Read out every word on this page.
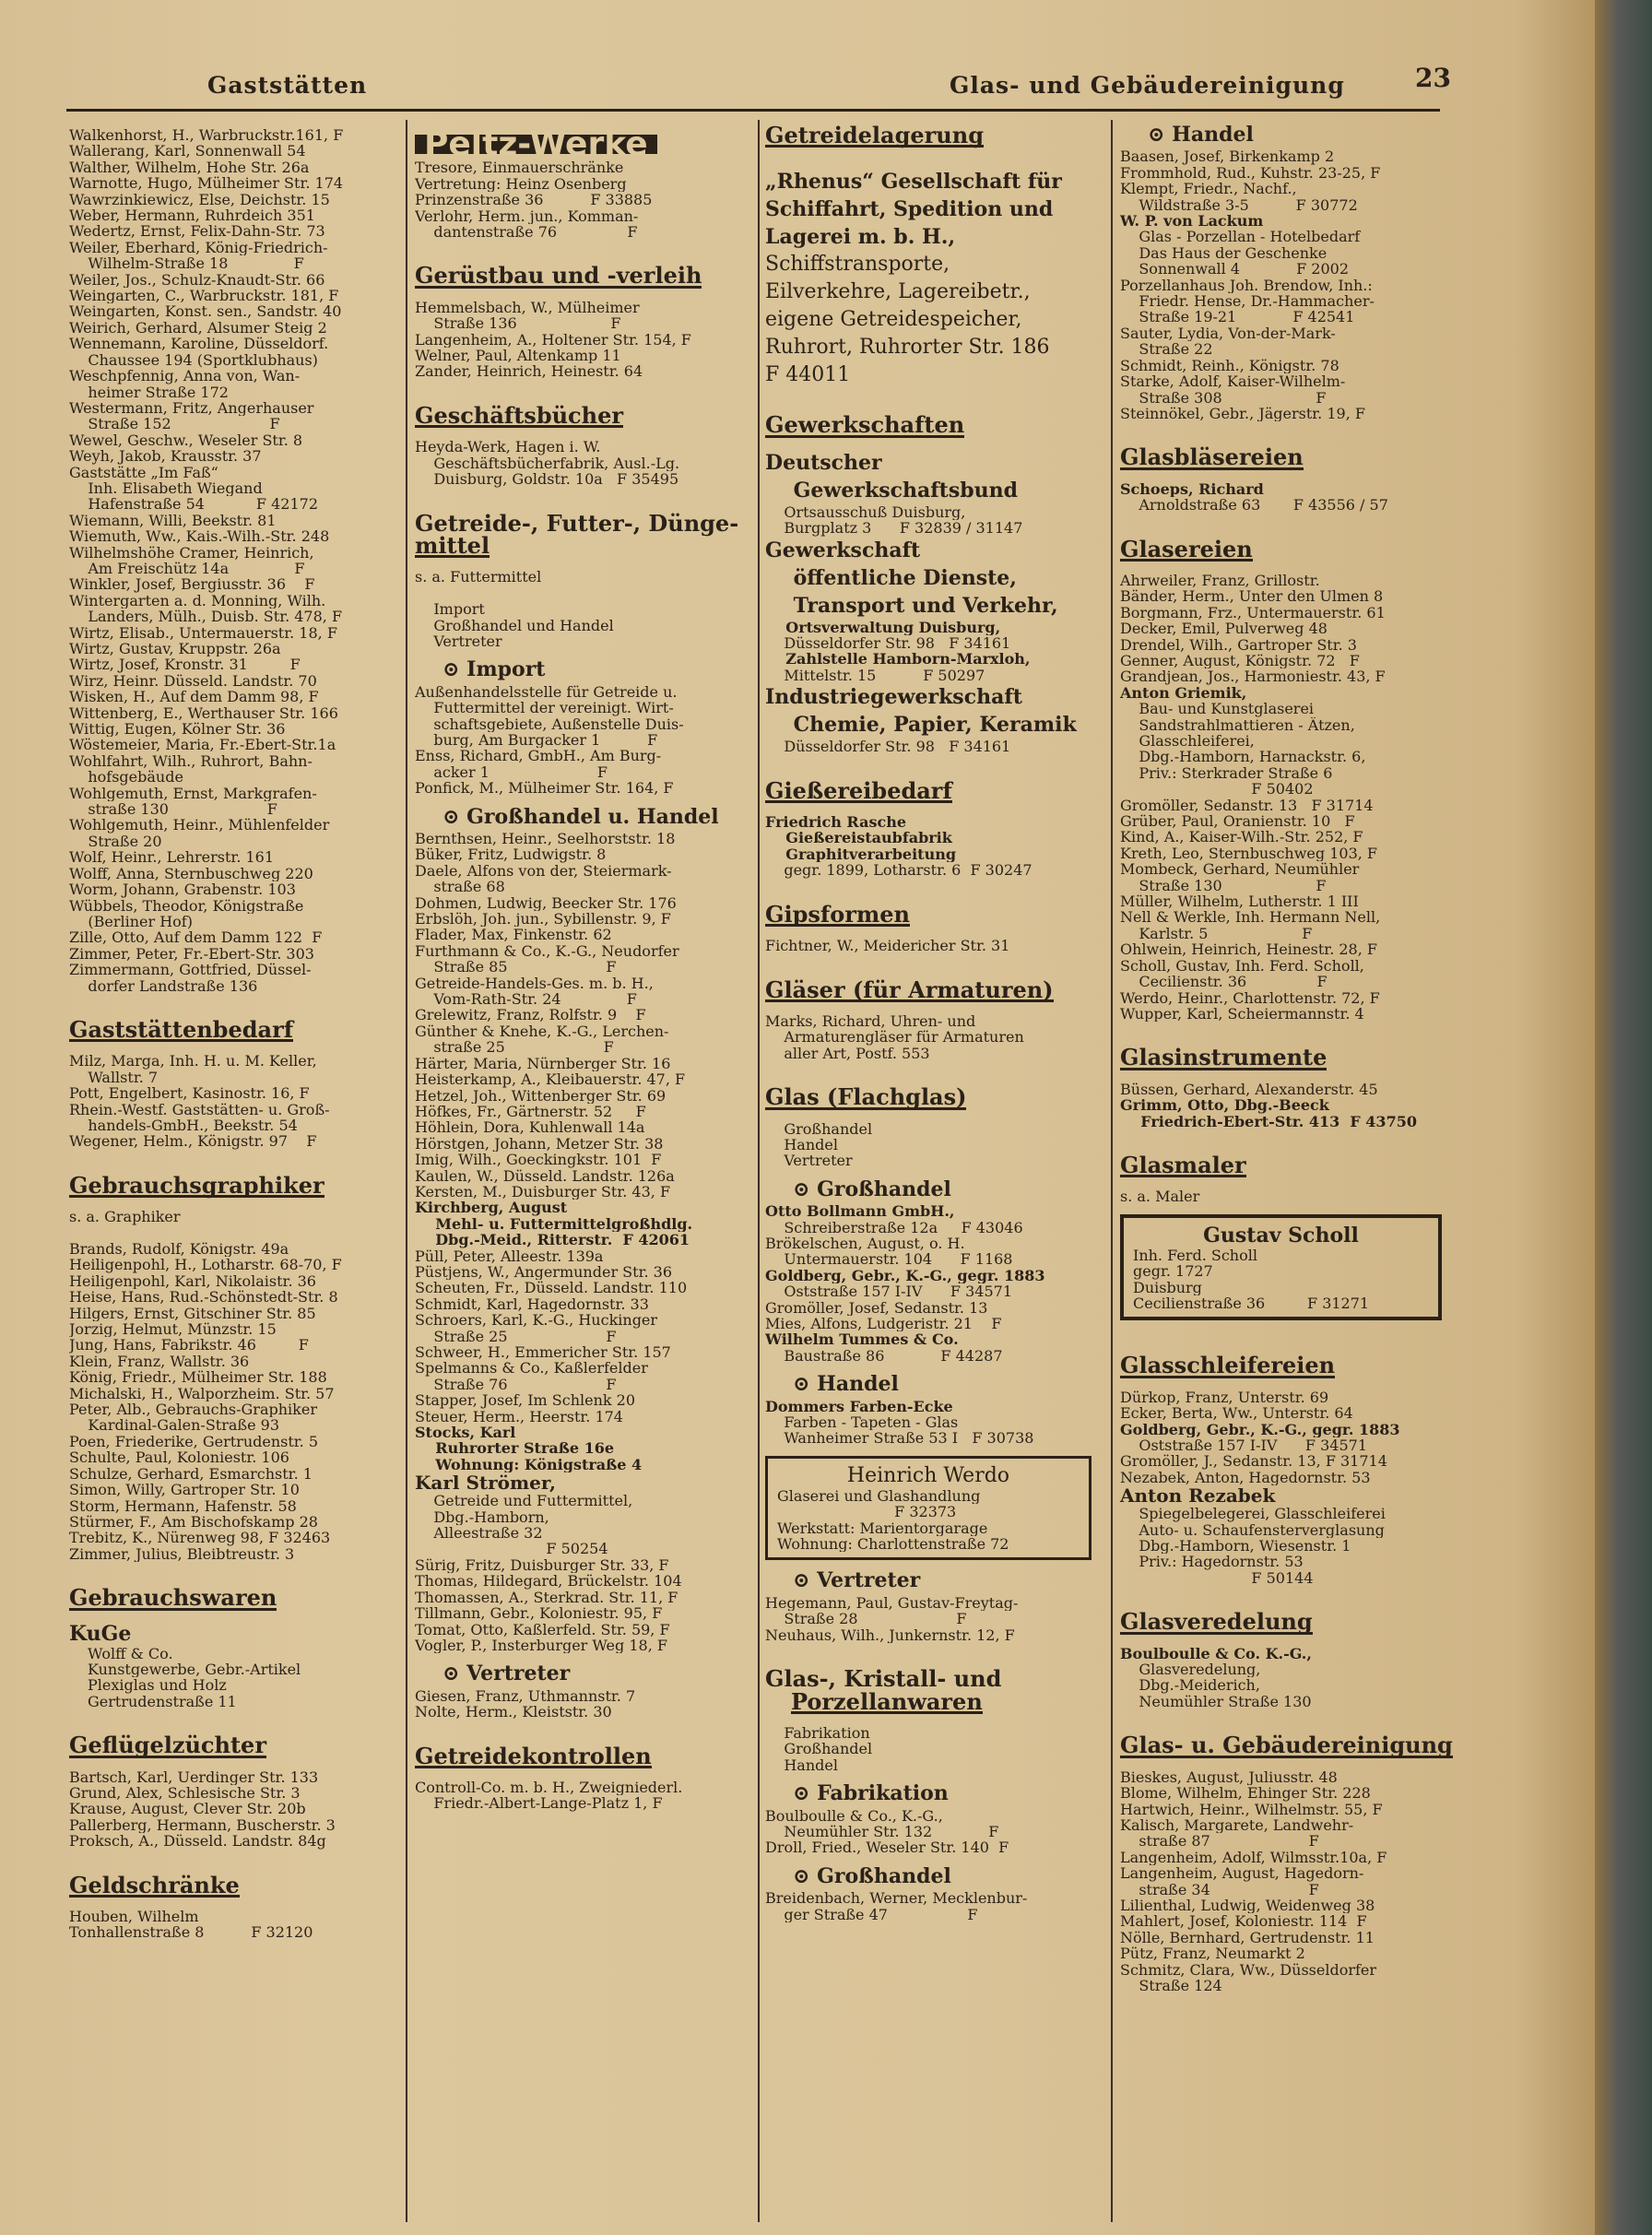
Gaststätten	Glas- und Gebäudereinigung	23
Walkenhorst, H., Warbruckstr.161, F
Wallerang, Karl, Sonnenwall 54
Walther, Wilhelm, Hohe Str. 26a
Warnotte, Hugo, Mülheimer Str. 174
Wawrzinkiewicz, Else, Deichstr. 15
Weber, Hermann, Ruhrdeich 351
Wedertz, Ernst, Felix-Dahn-Str. 73
Weiler, Eberhard, König-Friedrich-
Wilhelm-Straße 18              F
Weiler, Jos., Schulz-Knaudt-Str. 66
Weingarten, C., Warbruckstr. 181, F
Weingarten, Konst. sen., Sandstr. 40
Weirich, Gerhard, Alsumer Steig 2
Wennemann, Karoline, Düsseldorf.
Chaussee 194 (Sportklubhaus)
Weschpfennig, Anna von, Wan-
heimer Straße 172
Westermann, Fritz, Angerhauser
Straße 152                     F
Wewel, Geschw., Weseler Str. 8
Weyh, Jakob, Krausstr. 37
Gaststätte „Im Faß“
Inh. Elisabeth Wiegand
Hafenstraße 54           F 42172
Wiemann, Willi, Beekstr. 81
Wiemuth, Ww., Kais.-Wilh.-Str. 248
Wilhelmshöhe Cramer, Heinrich,
Am Freischütz 14a              F
Winkler, Josef, Bergiusstr. 36    F
Wintergarten a. d. Monning, Wilh.
Landers, Mülh., Duisb. Str. 478, F
Wirtz, Elisab., Untermauerstr. 18, F
Wirtz, Gustav, Kruppstr. 26a
Wirtz, Josef, Kronstr. 31         F
Wirz, Heinr. Düsseld. Landstr. 70
Wisken, H., Auf dem Damm 98, F
Wittenberg, E., Werthauser Str. 166
Wittig, Eugen, Kölner Str. 36
Wöstemeier, Maria, Fr.-Ebert-Str.1a
Wohlfahrt, Wilh., Ruhrort, Bahn-
hofsgebäude
Wohlgemuth, Ernst, Markgrafen-
straße 130                     F
Wohlgemuth, Heinr., Mühlenfelder
Straße 20
Wolf, Heinr., Lehrerstr. 161
Wolff, Anna, Sternbuschweg 220
Worm, Johann, Grabenstr. 103
Wübbels, Theodor, Königstraße
(Berliner Hof)
Zille, Otto, Auf dem Damm 122  F
Zimmer, Peter, Fr.-Ebert-Str. 303
Zimmermann, Gottfried, Düssel-
dorfer Landstraße 136
Gaststättenbedarf
Milz, Marga, Inh. H. u. M. Keller,
Wallstr. 7
Pott, Engelbert, Kasinostr. 16, F
Rhein.-Westf. Gaststätten- u. Groß-
handels-GmbH., Beekstr. 54
Wegener, Helm., Königstr. 97    F
Gebrauchsgraphiker
s. a. Graphiker

Brands, Rudolf, Königstr. 49a
Heiligenpohl, H., Lotharstr. 68-70, F
Heiligenpohl, Karl, Nikolaistr. 36
Heise, Hans, Rud.-Schönstedt-Str. 8
Hilgers, Ernst, Gitschiner Str. 85
Jorzig, Helmut, Münzstr. 15
Jung, Hans, Fabrikstr. 46         F
Klein, Franz, Wallstr. 36
König, Friedr., Mülheimer Str. 188
Michalski, H., Walporzheim. Str. 57
Peter, Alb., Gebrauchs-Graphiker
Kardinal-Galen-Straße 93
Poen, Friederike, Gertrudenstr. 5
Schulte, Paul, Koloniestr. 106
Schulze, Gerhard, Esmarchstr. 1
Simon, Willy, Gartroper Str. 10
Storm, Hermann, Hafenstr. 58
Stürmer, F., Am Bischofskamp 28
Trebitz, K., Nürenweg 98, F 32463
Zimmer, Julius, Bleibtreustr. 3
Gebrauchswaren
KuGe
Wolff & Co.
Kunstgewerbe, Gebr.-Artikel
Plexiglas und Holz
Gertrudenstraße 11
Geflügelzüchter
Bartsch, Karl, Uerdinger Str. 133
Grund, Alex, Schlesische Str. 3
Krause, August, Clever Str. 20b
Pallerberg, Hermann, Buscherstr. 3
Proksch, A., Düsseld. Landstr. 84g
Geldschränke
Houben, Wilhelm
Tonhallenstraße 8          F 32120
Peltz-Werke
Tresore, Einmauerschränke
Vertretung: Heinz Osenberg
Prinzenstraße 36          F 33885
Verlohr, Herm. jun., Komman-
dantenstraße 76               F
Gerüstbau und -verleih
Hemmelsbach, W., Mülheimer
Straße 136                    F
Langenheim, A., Holtener Str. 154, F
Welner, Paul, Altenkamp 11
Zander, Heinrich, Heinestr. 64
Geschäftsbücher
Heyda-Werk, Hagen i. W.
Geschäftsbücherfabrik, Ausl.-Lg.
Duisburg, Goldstr. 10a   F 35495
Getreide-, Futter-, Dünge-
mittel
s. a. Futtermittel

Import
Großhandel und Handel
Vertreter
⊙ Import
Außenhandelsstelle für Getreide u.
Futtermittel der vereinigt. Wirt-
schaftsgebiete, Außenstelle Duis-
burg, Am Burgacker 1          F
Enss, Richard, GmbH., Am Burg-
acker 1                       F
Ponfick, M., Mülheimer Str. 164, F
⊙ Großhandel u. Handel
Bernthsen, Heinr., Seelhorststr. 18
Büker, Fritz, Ludwigstr. 8
Daele, Alfons von der, Steiermark-
straße 68
Dohmen, Ludwig, Beecker Str. 176
Erbslöh, Joh. jun., Sybillenstr. 9, F
Flader, Max, Finkenstr. 62
Furthmann & Co., K.-G., Neudorfer
Straße 85                     F
Getreide-Handels-Ges. m. b. H.,
Vom-Rath-Str. 24              F
Grelewitz, Franz, Rolfstr. 9    F
Günther & Knehe, K.-G., Lerchen-
straße 25                     F
Härter, Maria, Nürnberger Str. 16
Heisterkamp, A., Kleibauerstr. 47, F
Hetzel, Joh., Wittenberger Str. 69
Höfkes, Fr., Gärtnerstr. 52     F
Höhlein, Dora, Kuhlenwall 14a
Hörstgen, Johann, Metzer Str. 38
Imig, Wilh., Goeckingkstr. 101  F
Kaulen, W., Düsseld. Landstr. 126a
Kersten, M., Duisburger Str. 43, F
Kirchberg, August
Mehl- u. Futtermittelgroßhdlg.
Dbg.-Meid., Ritterstr.  F 42061
Püll, Peter, Alleestr. 139a
Püstjens, W., Angermunder Str. 36
Scheuten, Fr., Düsseld. Landstr. 110
Schmidt, Karl, Hagedornstr. 33
Schroers, Karl, K.-G., Huckinger
Straße 25                     F
Schweer, H., Emmericher Str. 157
Spelmanns & Co., Kaßlerfelder
Straße 76                     F
Stapper, Josef, Im Schlenk 20
Steuer, Herm., Heerstr. 174
Stocks, Karl
Ruhrorter Straße 16e
Wohnung: Königstraße 4
Karl Strömer,
Getreide und Futtermittel,
Dbg.-Hamborn,
Alleestraße 32
F 50254
Sürig, Fritz, Duisburger Str. 33, F
Thomas, Hildegard, Brückelstr. 104
Thomassen, A., Sterkrad. Str. 11, F
Tillmann, Gebr., Koloniestr. 95, F
Tomat, Otto, Kaßlerfeld. Str. 59, F
Vogler, P., Insterburger Weg 18, F
⊙ Vertreter
Giesen, Franz, Uthmannstr. 7
Nolte, Herm., Kleiststr. 30
Getreidekontrollen
Controll-Co. m. b. H., Zweigniederl.
Friedr.-Albert-Lange-Platz 1, F
Getreidelagerung
„Rhenus“ Gesellschaft für
Schiffahrt, Spedition und
Lagerei m. b. H.,
Schiffstransporte,
Eilverkehre, Lagereibetr.,
eigene Getreidespeicher,
Ruhrort, Ruhrorter Str. 186
F 44011
Gewerkschaften
Deutscher
Gewerkschaftsbund
Ortsausschuß Duisburg,
Burgplatz 3      F 32839 / 31147
Gewerkschaft
öffentliche Dienste,
Transport und Verkehr,
Ortsverwaltung Duisburg,
Düsseldorfer Str. 98   F 34161
Zahlstelle Hamborn-Marxloh,
Mittelstr. 15          F 50297
Industriegewerkschaft
Chemie, Papier, Keramik
Düsseldorfer Str. 98   F 34161
Gießereibedarf
Friedrich Rasche
Gießereistaubfabrik
Graphitverarbeitung
gegr. 1899, Lotharstr. 6  F 30247
Gipsformen
Fichtner, W., Meidericher Str. 31
Gläser (für Armaturen)
Marks, Richard, Uhren- und
Armaturengläser für Armaturen
aller Art, Postf. 553
Glas (Flachglas)
Großhandel
Handel
Vertreter
⊙ Großhandel
Otto Bollmann GmbH.,
Schreiberstraße 12a     F 43046
Brökelschen, August, o. H.
Untermauerstr. 104      F 1168
Goldberg, Gebr., K.-G., gegr. 1883
Oststraße 157 I-IV      F 34571
Gromöller, Josef, Sedanstr. 13
Mies, Alfons, Ludgeristr. 21    F
Wilhelm Tummes & Co.
Baustraße 86            F 44287
⊙ Handel
Dommers Farben-Ecke
Farben - Tapeten - Glas
Wanheimer Straße 53 I   F 30738
Heinrich Werdo
Glaserei und Glashandlung
F 32373
Werkstatt: Marientorgarage
Wohnung: Charlottenstraße 72
⊙ Vertreter
Hegemann, Paul, Gustav-Freytag-
Straße 28                     F
Neuhaus, Wilh., Junkernstr. 12, F
Glas-, Kristall- und
Porzellanwaren
Fabrikation
Großhandel
Handel
⊙ Fabrikation
Boulboulle & Co., K.-G.,
Neumühler Str. 132            F
Droll, Fried., Weseler Str. 140  F
⊙ Großhandel
Breidenbach, Werner, Mecklenbur-
ger Straße 47                 F
⊙ Handel
Baasen, Josef, Birkenkamp 2
Frommhold, Rud., Kuhstr. 23-25, F
Klempt, Friedr., Nachf.,
Wildstraße 3-5          F 30772
W. P. von Lackum
Glas - Porzellan - Hotelbedarf
Das Haus der Geschenke
Sonnenwall 4            F 2002
Porzellanhaus Joh. Brendow, Inh.:
Friedr. Hense, Dr.-Hammacher-
Straße 19-21            F 42541
Sauter, Lydia, Von-der-Mark-
Straße 22
Schmidt, Reinh., Königstr. 78
Starke, Adolf, Kaiser-Wilhelm-
Straße 308                    F
Steinnökel, Gebr., Jägerstr. 19, F
Glasbläsereien
Schoeps, Richard
Arnoldstraße 63       F 43556 / 57
Glasereien
Ahrweiler, Franz, Grillostr.
Bänder, Herm., Unter den Ulmen 8
Borgmann, Frz., Untermauerstr. 61
Decker, Emil, Pulverweg 48
Drendel, Wilh., Gartroper Str. 3
Genner, August, Königstr. 72   F
Grandjean, Jos., Harmoniestr. 43, F
Anton Griemik,
Bau- und Kunstglaserei
Sandstrahlmattieren - Ätzen,
Glasschleiferei,
Dbg.-Hamborn, Harnackstr. 6,
Priv.: Sterkrader Straße 6
F 50402
Gromöller, Sedanstr. 13   F 31714
Grüber, Paul, Oranienstr. 10   F
Kind, A., Kaiser-Wilh.-Str. 252, F
Kreth, Leo, Sternbuschweg 103, F
Mombeck, Gerhard, Neumühler
Straße 130                    F
Müller, Wilhelm, Lutherstr. 1 III
Nell & Werkle, Inh. Hermann Nell,
Karlstr. 5                    F
Ohlwein, Heinrich, Heinestr. 28, F
Scholl, Gustav, Inh. Ferd. Scholl,
Cecilienstr. 36               F
Werdo, Heinr., Charlottenstr. 72, F
Wupper, Karl, Scheiermannstr. 4
Glasinstrumente
Büssen, Gerhard, Alexanderstr. 45
Grimm, Otto, Dbg.-Beeck
Friedrich-Ebert-Str. 413  F 43750
Glasmaler
s. a. Maler
Gustav Scholl
Inh. Ferd. Scholl
gegr. 1727
Duisburg
Cecilienstraße 36         F 31271
Glasschleifereien
Dürkop, Franz, Unterstr. 69
Ecker, Berta, Ww., Unterstr. 64
Goldberg, Gebr., K.-G., gegr. 1883
Oststraße 157 I-IV      F 34571
Gromöller, J., Sedanstr. 13, F 31714
Nezabek, Anton, Hagedornstr. 53
Anton Rezabek
Spiegelbelegerei, Glasschleiferei
Auto- u. Schaufensterverglasung
Dbg.-Hamborn, Wiesenstr. 1
Priv.: Hagedornstr. 53
F 50144
Glasveredelung
Boulboulle & Co. K.-G.,
Glasveredelung,
Dbg.-Meiderich,
Neumühler Straße 130
Glas- u. Gebäudereinigung
Bieskes, August, Juliusstr. 48
Blome, Wilhelm, Ehinger Str. 228
Hartwich, Heinr., Wilhelmstr. 55, F
Kalisch, Margarete, Landwehr-
straße 87                     F
Langenheim, Adolf, Wilmsstr.10a, F
Langenheim, August, Hagedorn-
straße 34                     F
Lilienthal, Ludwig, Weidenweg 38
Mahlert, Josef, Koloniestr. 114  F
Nölle, Bernhard, Gertrudenstr. 11
Pütz, Franz, Neumarkt 2
Schmitz, Clara, Ww., Düsseldorfer
Straße 124
